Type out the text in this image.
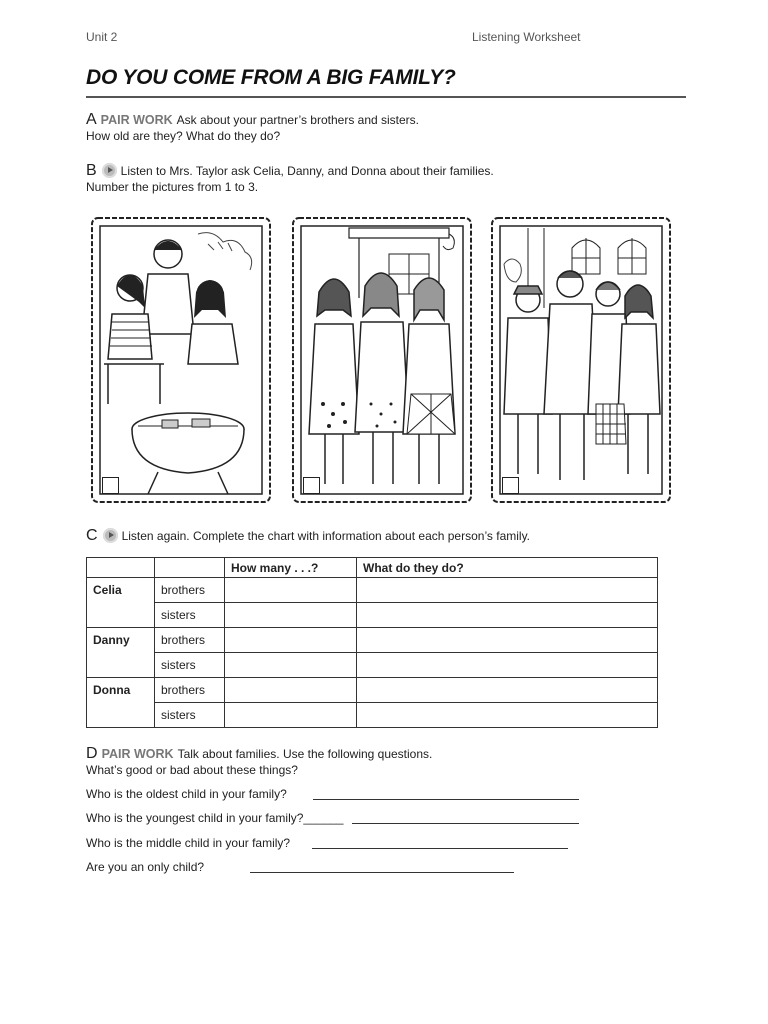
Unit 2	Listening Worksheet
DO YOU COME FROM A BIG FAMILY?
A PAIR WORK Ask about your partner’s brothers and sisters.
How old are they? What do they do?
B Listen to Mrs. Taylor ask Celia, Danny, and Donna about their families.
Number the pictures from 1 to 3.
C Listen again. Complete the chart with information about each person’s family.
		How many . . .?	What do they do?
Celia	brothers		
	sisters		
Danny	brothers		
	sisters		
Donna	brothers		
	sisters		
D PAIR WORK Talk about families. Use the following questions.
What’s good or bad about these things?
Who is the oldest child in your family?
Who is the youngest child in your family?______
Who is the middle child in your family?
Are you an only child?
